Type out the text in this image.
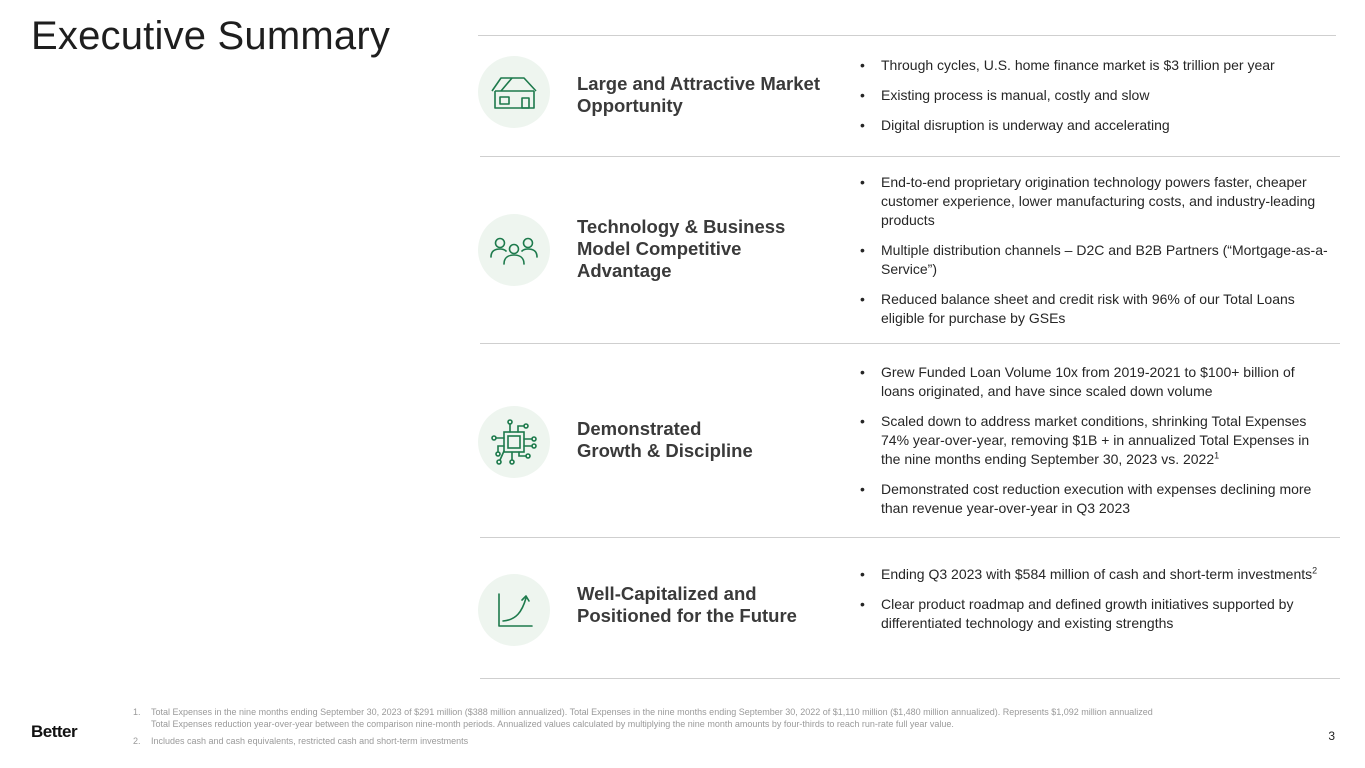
Executive Summary
Large and Attractive Market Opportunity
• Through cycles, U.S. home finance market is $3 trillion per year
• Existing process is manual, costly and slow
• Digital disruption is underway and accelerating
Technology & Business Model Competitive Advantage
• End-to-end proprietary origination technology powers faster, cheaper customer experience, lower manufacturing costs, and industry-leading products
• Multiple distribution channels – D2C and B2B Partners (“Mortgage-as-a-Service”)
• Reduced balance sheet and credit risk with 96% of our Total Loans eligible for purchase by GSEs
Demonstrated
Growth & Discipline
• Grew Funded Loan Volume 10x from 2019-2021 to $100+ billion of loans originated, and have since scaled down volume
• Scaled down to address market conditions, shrinking Total Expenses 74% year-over-year, removing $1B + in annualized Total Expenses in the nine months ending September 30, 2023 vs. 2022$^1$
• Demonstrated cost reduction execution with expenses declining more than revenue year-over-year in Q3 2023
Well-Capitalized and Positioned for the Future
• Ending Q3 2023 with $584 million of cash and short-term investments$^2$
• Clear product roadmap and defined growth initiatives supported by differentiated technology and existing strengths
1. Total Expenses in the nine months ending September 30, 2023 of $291 million ($388 million annualized). Total Expenses in the nine months ending September 30, 2022 of $1,110 million ($1,480 million annualized). Represents $1,092 million annualized Total Expenses reduction year-over-year between the comparison nine-month periods. Annualized values calculated by multiplying the nine month amounts by four-thirds to reach run-rate full year value.
2. Includes cash and cash equivalents, restricted cash and short-term investments
Better	3
